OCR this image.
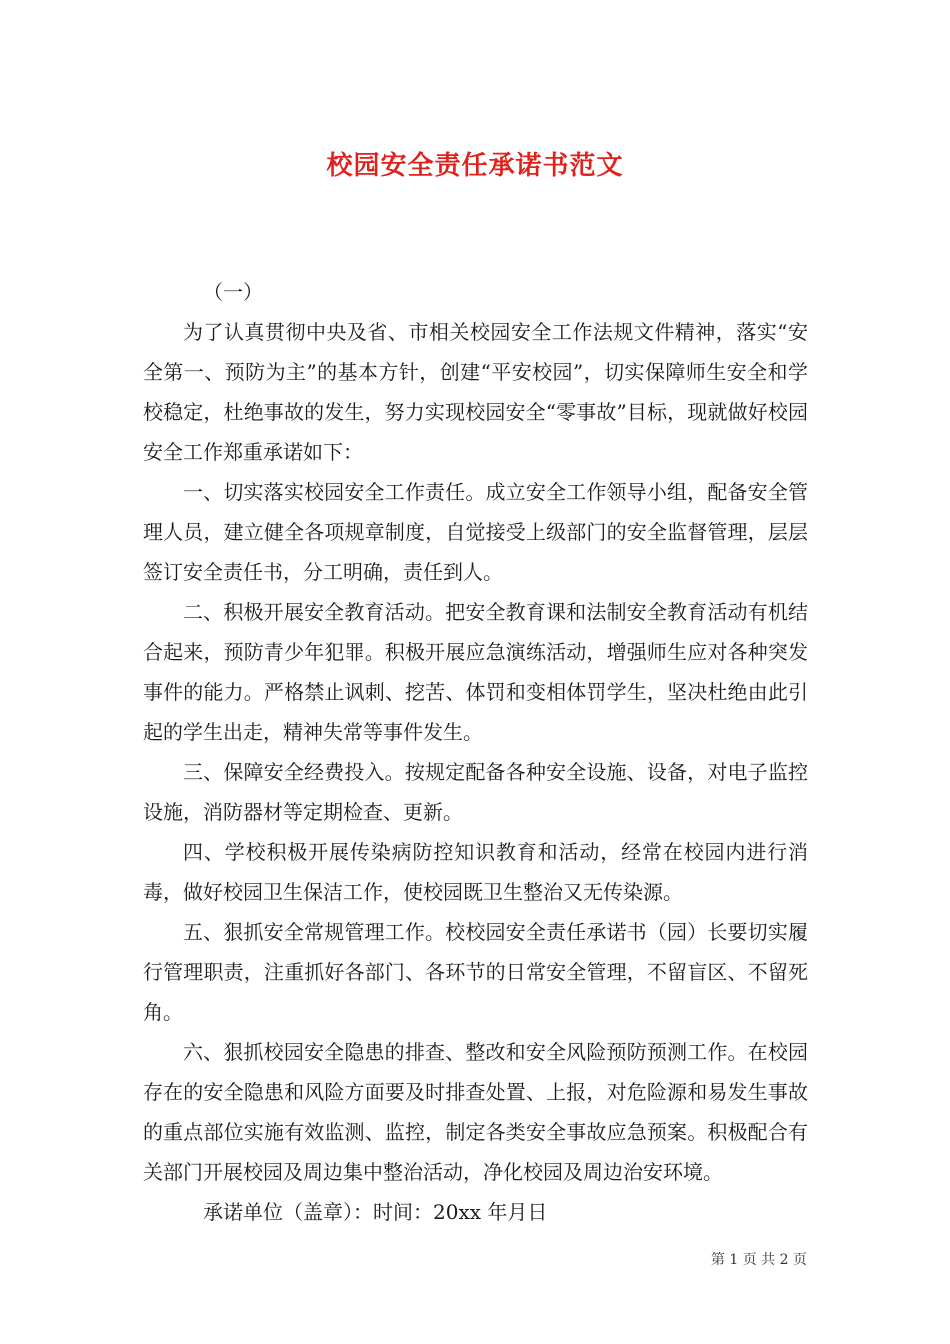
校园安全责任承诺书范文

（一）

为了认真贯彻中央及省、市相关校园安全工作法规文件精神，落实“安全第一、预防为主”的基本方针，创建“平安校园”，切实保障师生安全和学校稳定，杜绝事故的发生，努力实现校园安全“零事故”目标，现就做好校园安全工作郑重承诺如下：

一、切实落实校园安全工作责任。成立安全工作领导小组，配备安全管理人员，建立健全各项规章制度，自觉接受上级部门的安全监督管理，层层签订安全责任书，分工明确，责任到人。

二、积极开展安全教育活动。把安全教育课和法制安全教育活动有机结合起来，预防青少年犯罪。积极开展应急演练活动，增强师生应对各种突发事件的能力。严格禁止讽刺、挖苦、体罚和变相体罚学生，坚决杜绝由此引起的学生出走，精神失常等事件发生。

三、保障安全经费投入。按规定配备各种安全设施、设备，对电子监控设施，消防器材等定期检查、更新。

四、学校积极开展传染病防控知识教育和活动，经常在校园内进行消毒，做好校园卫生保洁工作，使校园既卫生整治又无传染源。

五、狠抓安全常规管理工作。校校园安全责任承诺书（园）长要切实履行管理职责，注重抓好各部门、各环节的日常安全管理，不留盲区、不留死角。

六、狠抓校园安全隐患的排查、整改和安全风险预防预测工作。在校园存在的安全隐患和风险方面要及时排查处置、上报，对危险源和易发生事故的重点部位实施有效监测、监控，制定各类安全事故应急预案。积极配合有关部门开展校园及周边集中整治活动，净化校园及周边治安环境。

承诺单位（盖章）：时间：20xx 年月日

第 1 页 共 2 页
